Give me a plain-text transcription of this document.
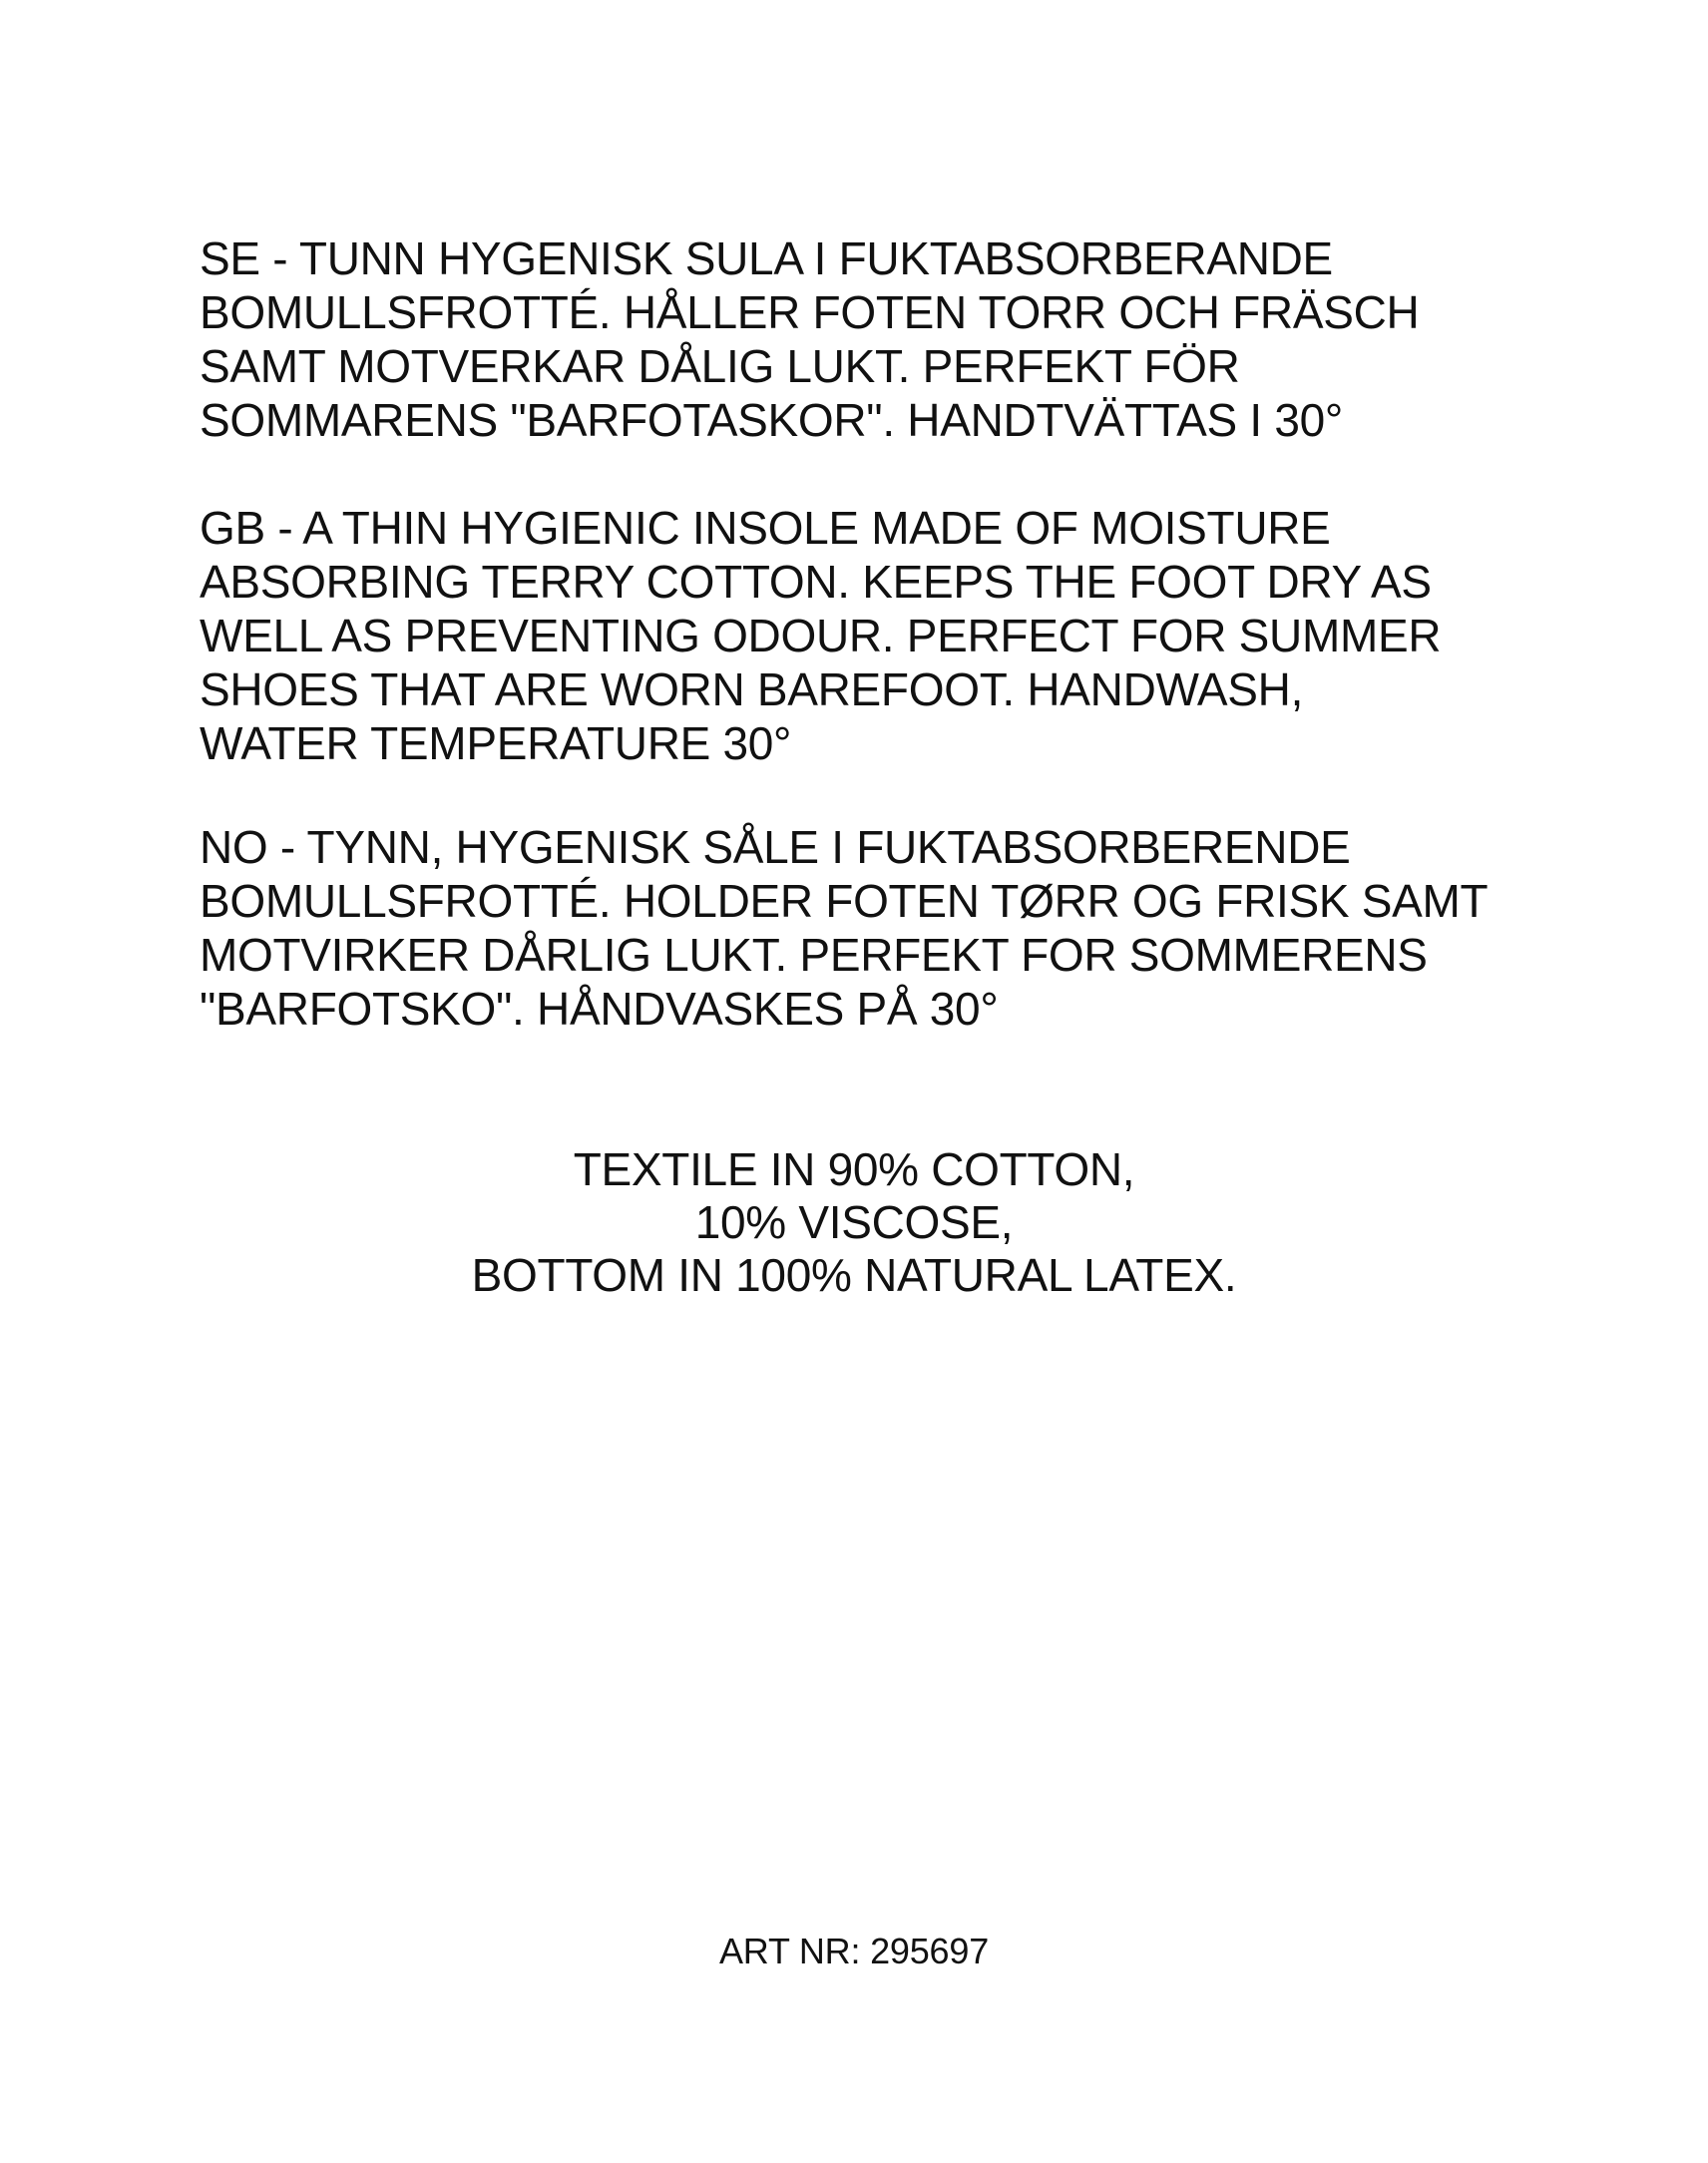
SE - TUNN HYGENISK SULA I FUKTABSORBERANDE
BOMULLSFROTTÉ. HÅLLER FOTEN TORR OCH FRÄSCH
SAMT MOTVERKAR DÅLIG LUKT. PERFEKT FÖR
SOMMARENS "BARFOTASKOR". HANDTVÄTTAS I 30°
GB - A THIN HYGIENIC INSOLE MADE OF MOISTURE
ABSORBING TERRY COTTON. KEEPS THE FOOT DRY AS
WELL AS PREVENTING ODOUR. PERFECT FOR SUMMER
SHOES THAT ARE WORN BAREFOOT. HANDWASH,
WATER TEMPERATURE 30°
NO - TYNN, HYGENISK SÅLE I FUKTABSORBERENDE
BOMULLSFROTTÉ. HOLDER FOTEN TØRR OG FRISK SAMT
MOTVIRKER DÅRLIG LUKT. PERFEKT FOR SOMMERENS
"BARFOTSKO". HÅNDVASKES PÅ 30°
TEXTILE IN 90% COTTON,
10% VISCOSE,
BOTTOM IN 100% NATURAL LATEX.
ART NR: 295697
